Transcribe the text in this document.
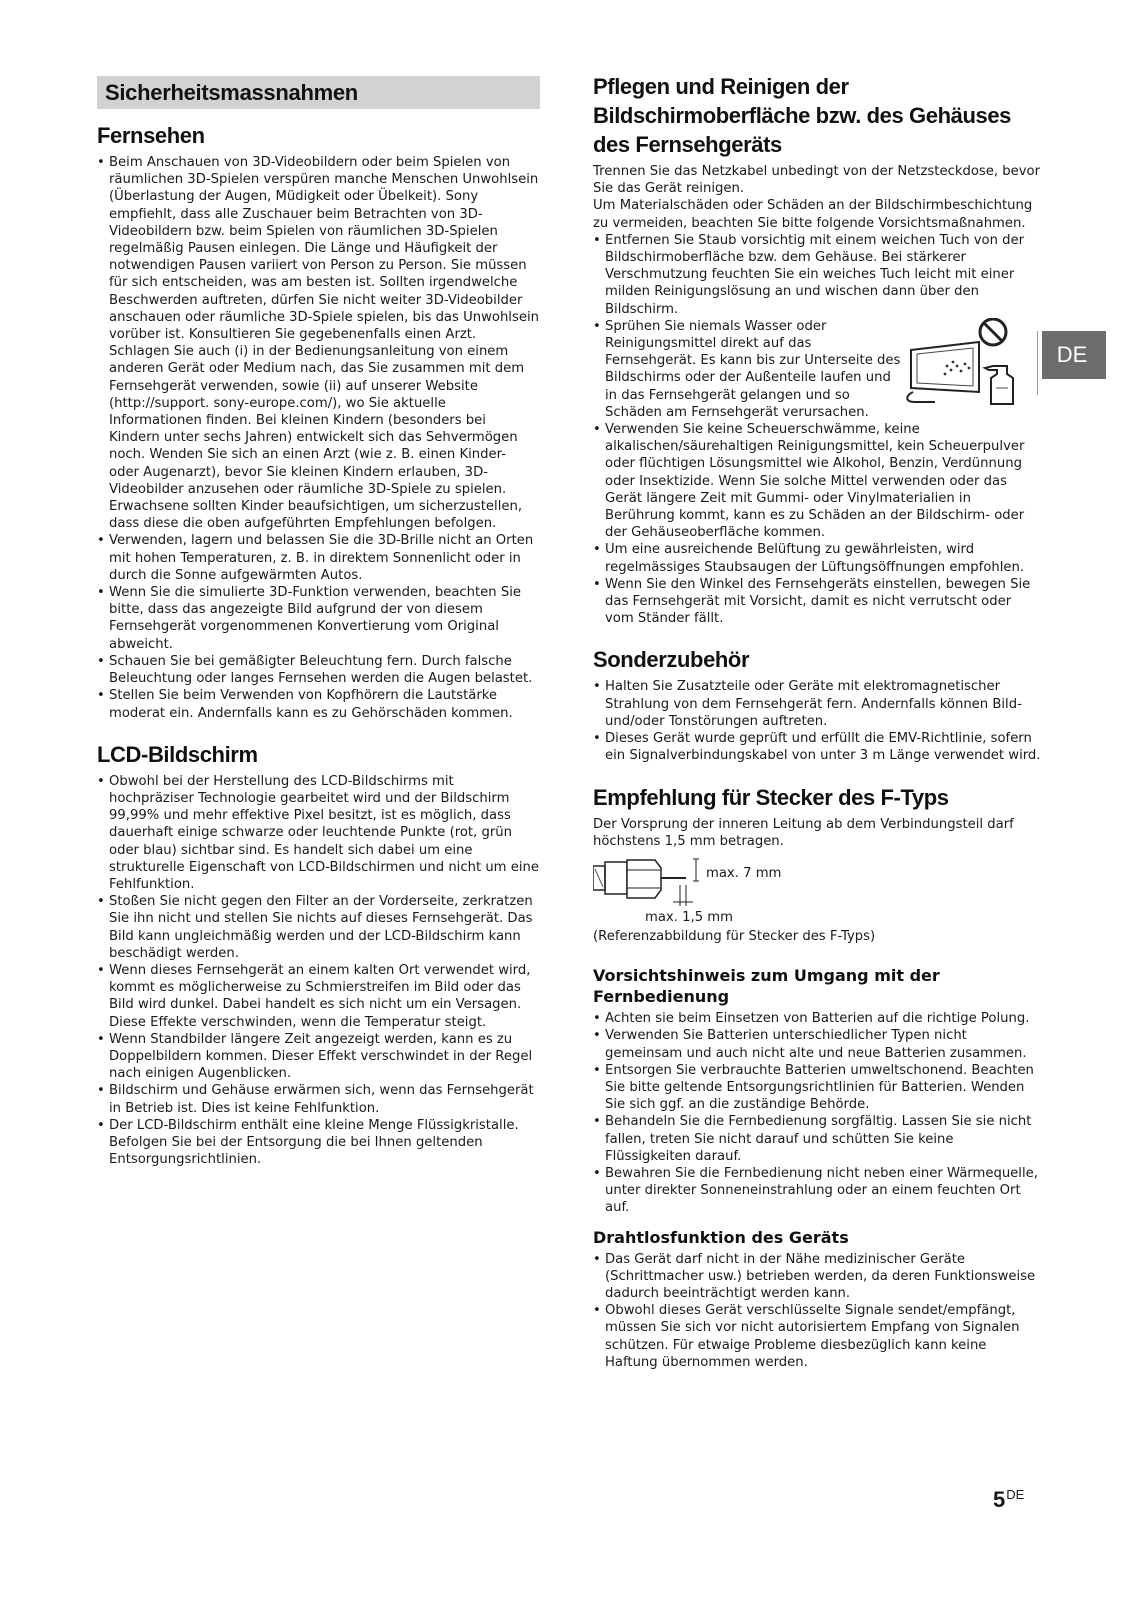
Sicherheitsmassnahmen
Fernsehen
• Beim Anschauen von 3D-Videobildern oder beim Spielen von räumlichen 3D-Spielen verspüren manche Menschen Unwohlsein (Überlastung der Augen, Müdigkeit oder Übelkeit). Sony empfiehlt, dass alle Zuschauer beim Betrachten von 3D-Videobildern bzw. beim Spielen von räumlichen 3D-Spielen regelmäßig Pausen einlegen. Die Länge und Häufigkeit der notwendigen Pausen variiert von Person zu Person. Sie müssen für sich entscheiden, was am besten ist. Sollten irgendwelche Beschwerden auftreten, dürfen Sie nicht weiter 3D-Videobilder anschauen oder räumliche 3D-Spiele spielen, bis das Unwohlsein vorüber ist. Konsultieren Sie gegebenenfalls einen Arzt. Schlagen Sie auch (i) in der Bedienungsanleitung von einem anderen Gerät oder Medium nach, das Sie zusammen mit dem Fernsehgerät verwenden, sowie (ii) auf unserer Website (http://support. sony-europe.com/), wo Sie aktuelle Informationen finden. Bei kleinen Kindern (besonders bei Kindern unter sechs Jahren) entwickelt sich das Sehvermögen noch. Wenden Sie sich an einen Arzt (wie z. B. einen Kinder- oder Augenarzt), bevor Sie kleinen Kindern erlauben, 3D-Videobilder anzusehen oder räumliche 3D-Spiele zu spielen. Erwachsene sollten Kinder beaufsichtigen, um sicherzustellen, dass diese die oben aufgeführten Empfehlungen befolgen.
• Verwenden, lagern und belassen Sie die 3D-Brille nicht an Orten mit hohen Temperaturen, z. B. in direktem Sonnenlicht oder in durch die Sonne aufgewärmten Autos.
• Wenn Sie die simulierte 3D-Funktion verwenden, beachten Sie bitte, dass das angezeigte Bild aufgrund der von diesem Fernsehgerät vorgenommenen Konvertierung vom Original abweicht.
• Schauen Sie bei gemäßigter Beleuchtung fern. Durch falsche Beleuchtung oder langes Fernsehen werden die Augen belastet.
• Stellen Sie beim Verwenden von Kopfhörern die Lautstärke moderat ein. Andernfalls kann es zu Gehörschäden kommen.
LCD-Bildschirm
• Obwohl bei der Herstellung des LCD-Bildschirms mit hochpräziser Technologie gearbeitet wird und der Bildschirm 99,99% und mehr effektive Pixel besitzt, ist es möglich, dass dauerhaft einige schwarze oder leuchtende Punkte (rot, grün oder blau) sichtbar sind. Es handelt sich dabei um eine strukturelle Eigenschaft von LCD-Bildschirmen und nicht um eine Fehlfunktion.
• Stoßen Sie nicht gegen den Filter an der Vorderseite, zerkratzen Sie ihn nicht und stellen Sie nichts auf dieses Fernsehgerät. Das Bild kann ungleichmäßig werden und der LCD-Bildschirm kann beschädigt werden.
• Wenn dieses Fernsehgerät an einem kalten Ort verwendet wird, kommt es möglicherweise zu Schmierstreifen im Bild oder das Bild wird dunkel. Dabei handelt es sich nicht um ein Versagen. Diese Effekte verschwinden, wenn die Temperatur steigt.
• Wenn Standbilder längere Zeit angezeigt werden, kann es zu Doppelbildern kommen. Dieser Effekt verschwindet in der Regel nach einigen Augenblicken.
• Bildschirm und Gehäuse erwärmen sich, wenn das Fernsehgerät in Betrieb ist. Dies ist keine Fehlfunktion.
• Der LCD-Bildschirm enthält eine kleine Menge Flüssigkristalle. Befolgen Sie bei der Entsorgung die bei Ihnen geltenden Entsorgungsrichtlinien.
Pflegen und Reinigen der Bildschirmoberfläche bzw. des Gehäuses des Fernsehgeräts

Trennen Sie das Netzkabel unbedingt von der Netzsteckdose, bevor Sie das Gerät reinigen.

Um Materialschäden oder Schäden an der Bildschirmbeschichtung zu vermeiden, beachten Sie bitte folgende Vorsichtsmaßnahmen.

• Entfernen Sie Staub vorsichtig mit einem weichen Tuch von der Bildschirmoberfläche bzw. dem Gehäuse. Bei stärkerer Verschmutzung feuchten Sie ein weiches Tuch leicht mit einer milden Reinigungslösung an und wischen dann über den Bildschirm.
• Sprühen Sie niemals Wasser oder Reinigungsmittel direkt auf das Fernsehgerät. Es kann bis zur Unterseite des Bildschirms oder der Außenteile laufen und in das Fernsehgerät gelangen und so Schäden am Fernsehgerät verursachen.
• Verwenden Sie keine Scheuerschwämme, keine alkalischen/säurehaltigen Reinigungsmittel, kein Scheuerpulver oder flüchtigen Lösungsmittel wie Alkohol, Benzin, Verdünnung oder Insektizide. Wenn Sie solche Mittel verwenden oder das Gerät längere Zeit mit Gummi- oder Vinylmaterialien in Berührung kommt, kann es zu Schäden an der Bildschirm- oder der Gehäuseoberfläche kommen.
• Um eine ausreichende Belüftung zu gewährleisten, wird regelmässiges Staubsaugen der Lüftungsöffnungen empfohlen.
• Wenn Sie den Winkel des Fernsehgeräts einstellen, bewegen Sie das Fernsehgerät mit Vorsicht, damit es nicht verrutscht oder vom Ständer fällt.
Sonderzubehör
• Halten Sie Zusatzteile oder Geräte mit elektromagnetischer Strahlung von dem Fernsehgerät fern. Andernfalls können Bild- und/oder Tonstörungen auftreten.
• Dieses Gerät wurde geprüft und erfüllt die EMV-Richtlinie, sofern ein Signalverbindungskabel von unter 3 m Länge verwendet wird.
Empfehlung für Stecker des F-Typs

Der Vorsprung der inneren Leitung ab dem Verbindungsteil darf höchstens 1,5 mm betragen.

max. 7 mm
max. 1,5 mm
(Referenzabbildung für Stecker des F-Typs)
Vorsichtshinweis zum Umgang mit der Fernbedienung
• Achten sie beim Einsetzen von Batterien auf die richtige Polung.
• Verwenden Sie Batterien unterschiedlicher Typen nicht gemeinsam und auch nicht alte und neue Batterien zusammen.
• Entsorgen Sie verbrauchte Batterien umweltschonend. Beachten Sie bitte geltende Entsorgungsrichtlinien für Batterien. Wenden Sie sich ggf. an die zuständige Behörde.
• Behandeln Sie die Fernbedienung sorgfältig. Lassen Sie sie nicht fallen, treten Sie nicht darauf und schütten Sie keine Flüssigkeiten darauf.
• Bewahren Sie die Fernbedienung nicht neben einer Wärmequelle, unter direkter Sonneneinstrahlung oder an einem feuchten Ort auf.
Drahtlosfunktion des Geräts
• Das Gerät darf nicht in der Nähe medizinischer Geräte (Schrittmacher usw.) betrieben werden, da deren Funktionsweise dadurch beeinträchtigt werden kann.
• Obwohl dieses Gerät verschlüsselte Signale sendet/empfängt, müssen Sie sich vor nicht autorisiertem Empfang von Signalen schützen. Für etwaige Probleme diesbezüglich kann keine Haftung übernommen werden.
DE
5DE
